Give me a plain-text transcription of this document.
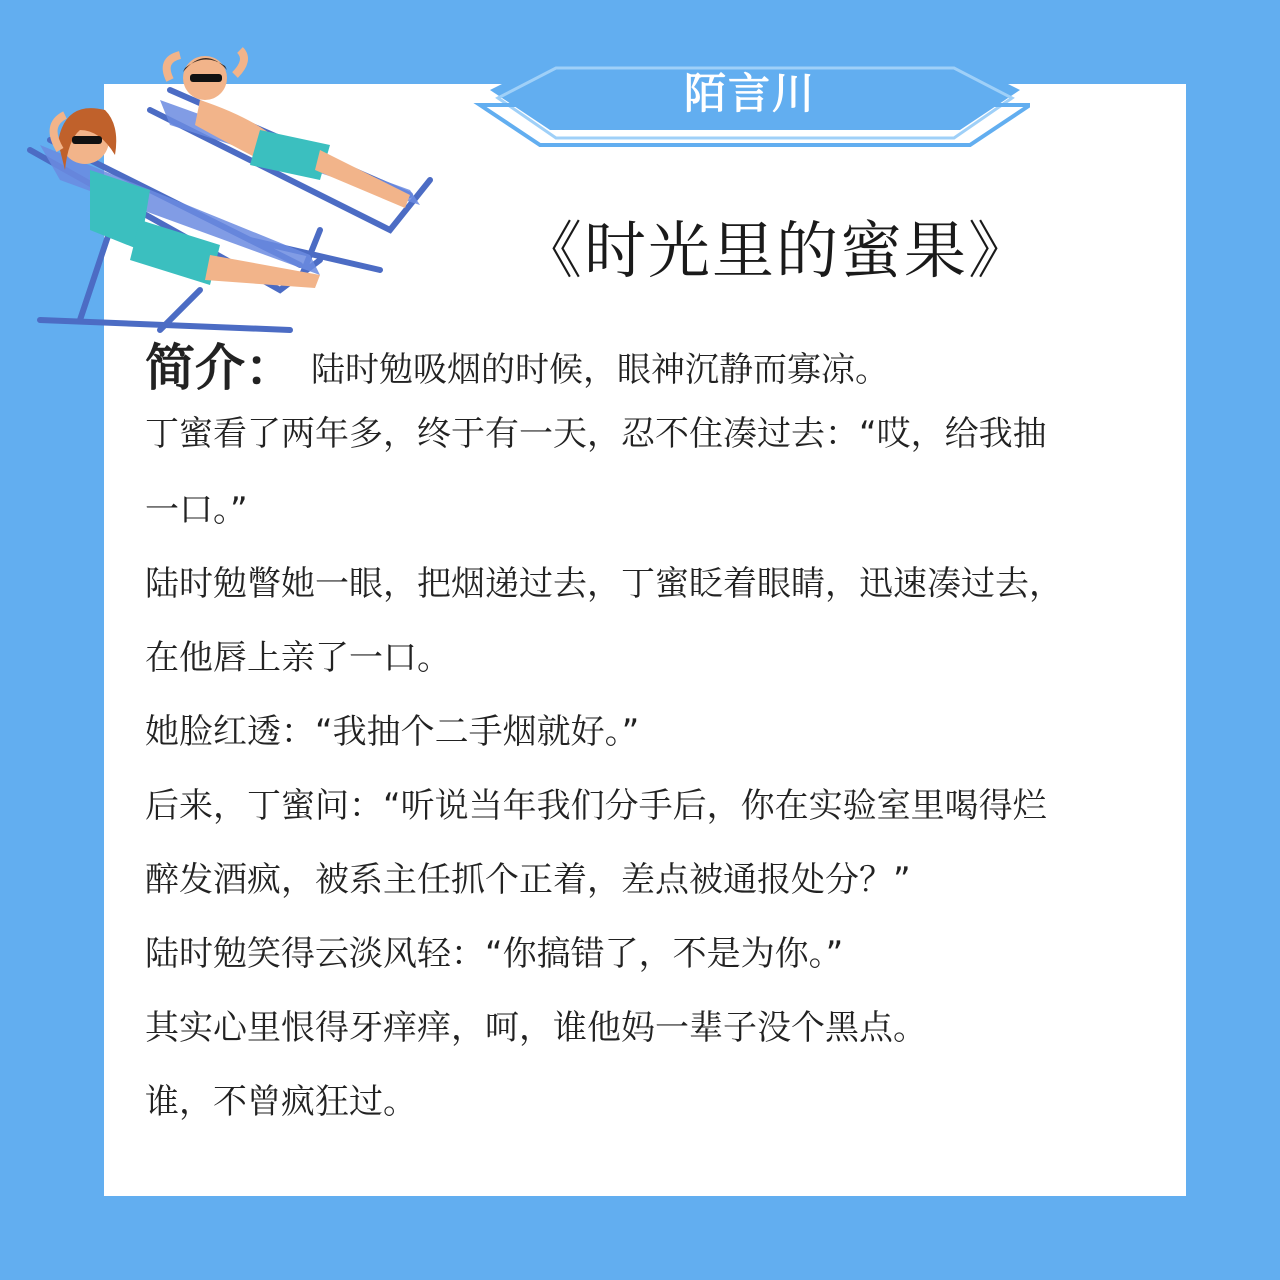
陌言川
《时光里的蜜果》
简介： 陆时勉吸烟的时候，眼神沉静而寡凉。
丁蜜看了两年多，终于有一天，忍不住凑过去：“哎，给我抽
一口。”
陆时勉瞥她一眼，把烟递过去，丁蜜眨着眼睛，迅速凑过去，
在他唇上亲了一口。
她脸红透：“我抽个二手烟就好。”
后来，丁蜜问：“听说当年我们分手后，你在实验室里喝得烂
醉发酒疯，被系主任抓个正着，差点被通报处分？”
陆时勉笑得云淡风轻：“你搞错了，不是为你。”
其实心里恨得牙痒痒，呵，谁他妈一辈子没个黑点。
谁，不曾疯狂过。
